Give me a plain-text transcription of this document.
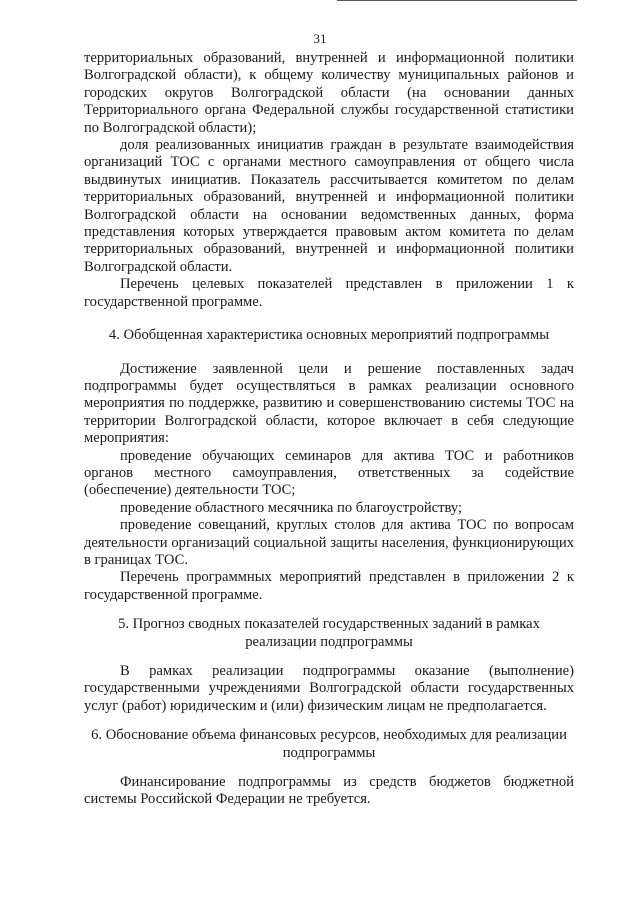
31

территориальных образований, внутренней и информационной политики Волгоградской области), к общему количеству муниципальных районов и городских округов Волгоградской области (на основании данных Территориального органа Федеральной службы государственной статистики по Волгоградской области);

доля реализованных инициатив граждан в результате взаимодействия организаций ТОС с органами местного самоуправления от общего числа выдвинутых инициатив. Показатель рассчитывается комитетом по делам территориальных образований, внутренней и информационной политики Волгоградской области на основании ведомственных данных, форма представления которых утверждается правовым актом комитета по делам территориальных образований, внутренней и информационной политики Волгоградской области.

Перечень целевых показателей представлен в приложении 1 к государственной программе.

4. Обобщенная характеристика основных мероприятий подпрограммы

Достижение заявленной цели и решение поставленных задач подпрограммы будет осуществляться в рамках реализации основного мероприятия по поддержке, развитию и совершенствованию системы ТОС на территории Волгоградской области, которое включает в себя следующие мероприятия:

проведение обучающих семинаров для актива ТОС и работников органов местного самоуправления, ответственных за содействие (обеспечение) деятельности ТОС;

проведение областного месячника по благоустройству;

проведение совещаний, круглых столов для актива ТОС по вопросам деятельности организаций социальной защиты населения, функционирующих в границах ТОС.

Перечень программных мероприятий представлен в приложении 2 к государственной программе.

5. Прогноз сводных показателей государственных заданий в рамках реализации подпрограммы

В рамках реализации подпрограммы оказание (выполнение) государственными учреждениями Волгоградской области государственных услуг (работ) юридическим и (или) физическим лицам не предполагается.

6. Обоснование объема финансовых ресурсов, необходимых для реализации подпрограммы

Финансирование подпрограммы из средств бюджетов бюджетной системы Российской Федерации не требуется.
